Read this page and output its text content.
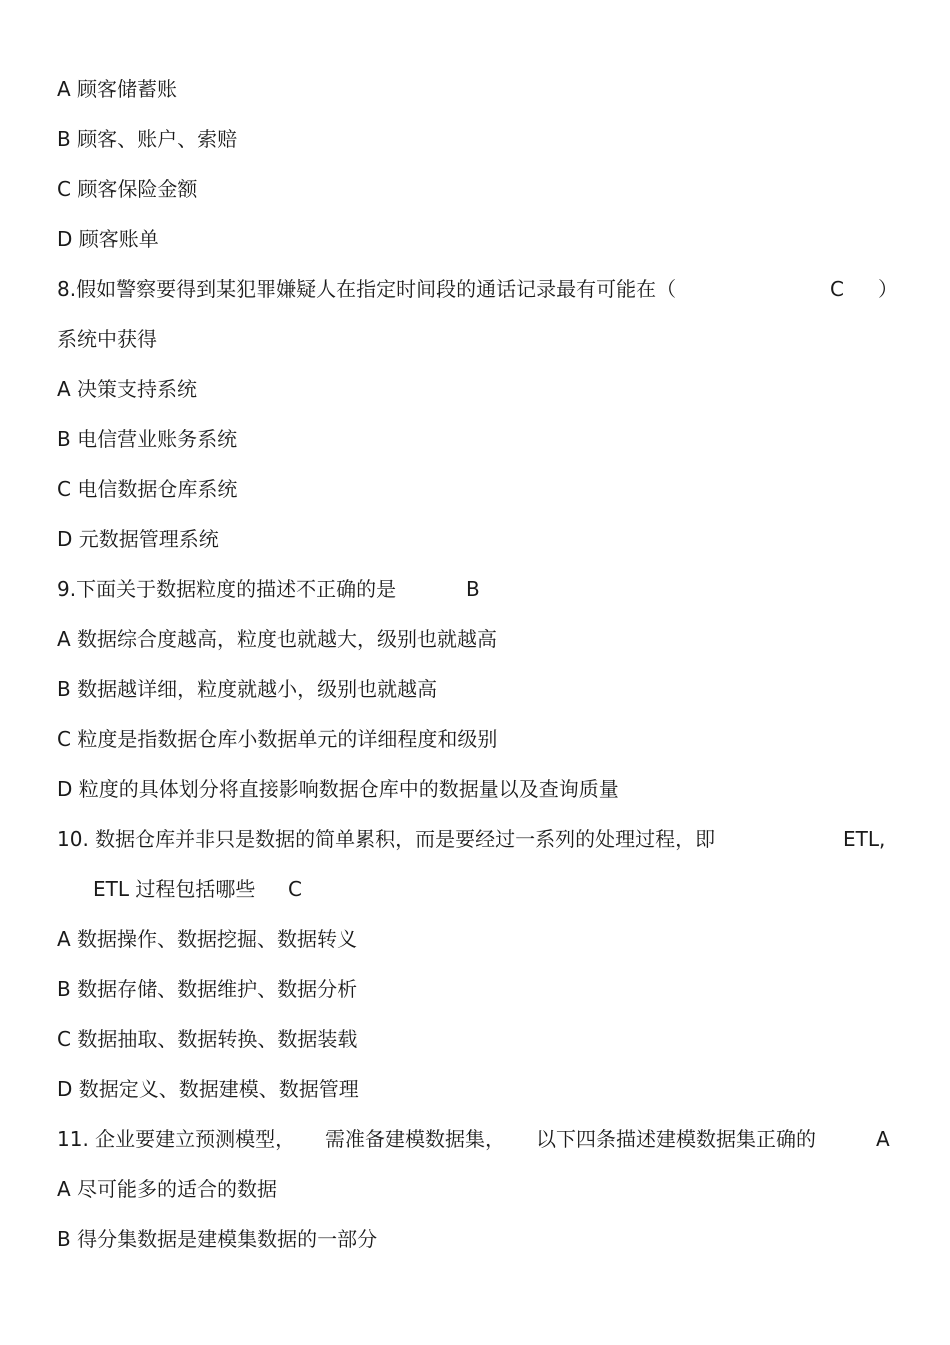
A 顾客储蓄账
B 顾客、账户、索赔
C 顾客保险金额
D 顾客账单
8.假如警察要得到某犯罪嫌疑人在指定时间段的通话记录最有可能在（	C ）
系统中获得
A 决策支持系统
B 电信营业账务系统
C 电信数据仓库系统
D 元数据管理系统
9.下面关于数据粒度的描述不正确的是	B
A 数据综合度越高，粒度也就越大，级别也就越高
B 数据越详细，粒度就越小，级别也就越高
C 粒度是指数据仓库小数据单元的详细程度和级别
D 粒度的具体划分将直接影响数据仓库中的数据量以及查询质量
10. 数据仓库并非只是数据的简单累积，而是要经过一系列的处理过程，即	ETL,
ETL 过程包括哪些 C
A 数据操作、数据挖掘、数据转义
B 数据存储、数据维护、数据分析
C 数据抽取、数据转换、数据装载
D 数据定义、数据建模、数据管理
11. 企业要建立预测模型， 需准备建模数据集， 以下四条描述建模数据集正确的	A
A 尽可能多的适合的数据
B 得分集数据是建模集数据的一部分
